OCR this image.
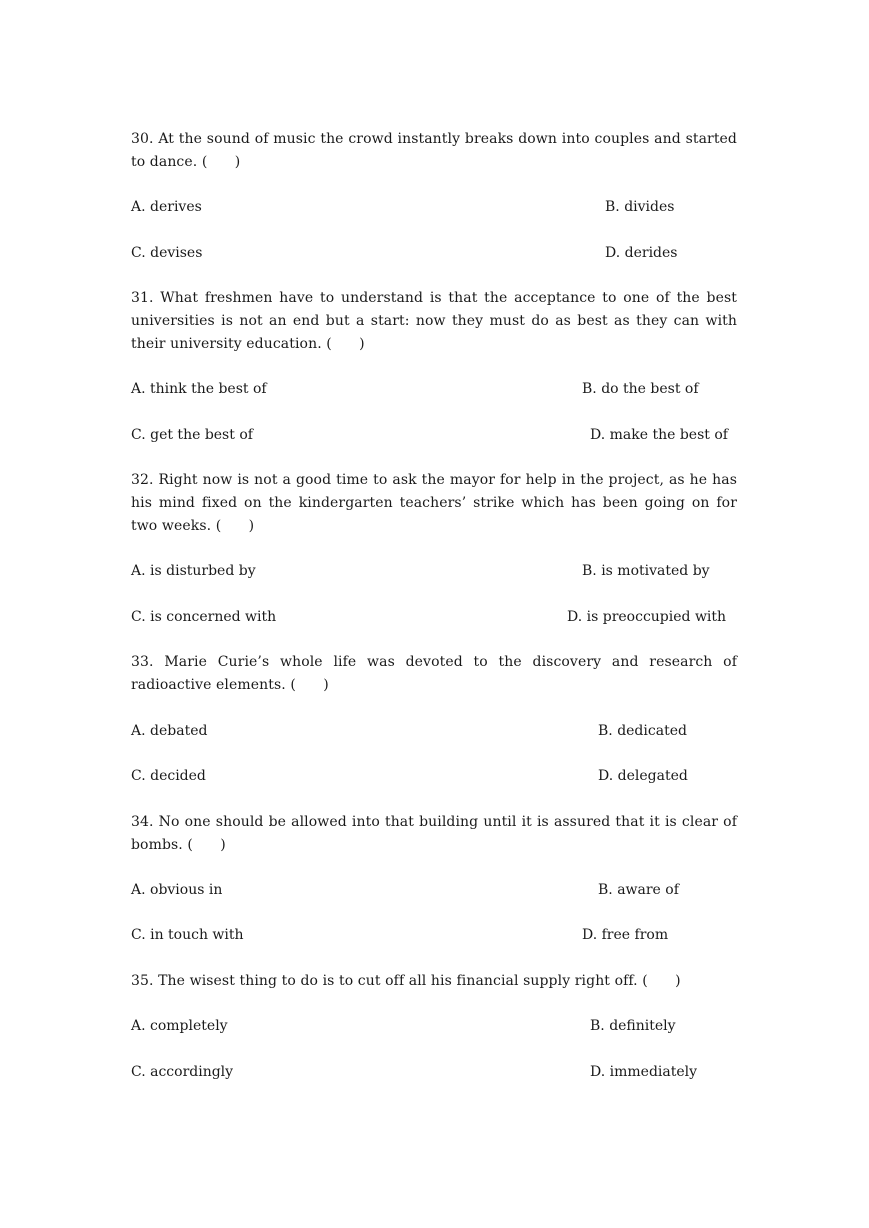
30. At the sound of music the crowd instantly breaks down into couples and started to dance. (      )
A. derives	B. divides
C. devises	D. derides
31. What freshmen have to understand is that the acceptance to one of the best universities is not an end but a start: now they must do as best as they can with their university education. (      )
A. think the best of	B. do the best of
C. get the best of	D. make the best of
32. Right now is not a good time to ask the mayor for help in the project, as he has his mind fixed on the kindergarten teachers’ strike which has been going on for two weeks. (      )
A. is disturbed by	B. is motivated by
C. is concerned with	D. is preoccupied with
33. Marie Curie’s whole life was devoted to the discovery and research of radioactive elements. (      )
A. debated	B. dedicated
C. decided	D. delegated
34. No one should be allowed into that building until it is assured that it is clear of bombs. (      )
A. obvious in	B. aware of
C. in touch with	D. free from
35. The wisest thing to do is to cut off all his financial supply right off. (      )
A. completely	B. definitely
C. accordingly	D. immediately
